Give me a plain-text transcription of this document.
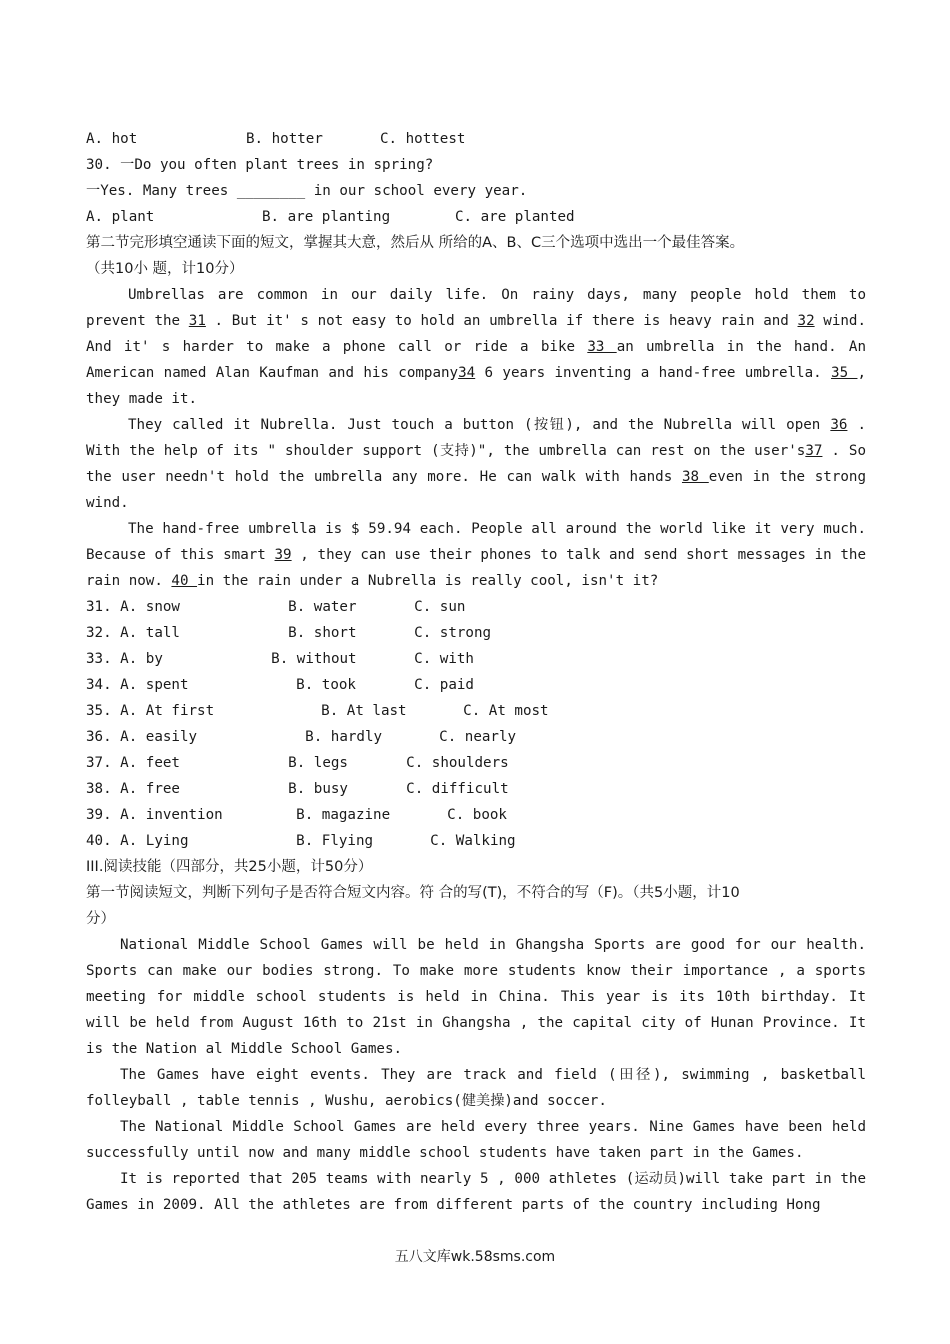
A. hot	B. hotter	C. hottest
30. 一Do you often plant trees in spring?
一Yes. Many trees ________ in our school every year.
A. plant	B. are planting	C. are planted
第二节完形填空通读下面的短文，掌握其大意，然后从 所给的A、B、C三个选项中选出一个最佳答案。
（共10小 题，计10分）
Umbrellas are common in our daily life. On rainy days, many people hold them to prevent the 31 . But it' s not easy to hold an umbrella if there is heavy rain and 32 wind. And it' s harder to make a phone call or ride a bike 33 an umbrella in the hand. An American named Alan Kaufman and his company34 6 years inventing a hand-free umbrella. 35 , they made it.
They called it Nubrella. Just touch a button (按钮), and the Nubrella will open 36 . With the help of its " shoulder support (支持)", the umbrella can rest on the user's37 . So the user needn't hold the umbrella any more. He can walk with hands 38 even in the strong wind.
The hand-free umbrella is $ 59.94 each. People all around the world like it very much. Because of this smart 39 , they can use their phones to talk and send short messages in the rain now. 40 in the rain under a Nubrella is really cool, isn't it?
31. A. snow	B. water	C. sun
32. A. tall	B. short	C. strong
33. A. by	B. without	C. with
34. A. spent	B. took	C. paid
35. A. At first	B. At last	C. At most
36. A. easily	B. hardly	C. nearly
37. A. feet	B. legs	C. shoulders
38. A. free	B. busy	C. difficult
39. A. invention	B. magazine	C. book
40. A. Lying	B. Flying	C. Walking
III.阅读技能（四部分，共25小题，计50分）
第一节阅读短文，判断下列句子是否符合短文内容。符 合的写(T)，不符合的写（F)。（共5小题，计10
分）
National Middle School Games will be held in Ghangsha Sports are good for our health. Sports can make our bodies strong. To make more students know their importance , a sports meeting for middle school students is held in China. This year is its 10th birthday. It will be held from August 16th to 21st in Ghangsha , the capital city of Hunan Province. It is the Nation al Middle School Games.
The Games have eight events. They are track and field (田径), swimming , basketball folleyball , table tennis , Wushu, aerobics(健美操)and soccer.
The National Middle School Games are held every three years. Nine Games have been held successfully until now and many middle school students have taken part in the Games.
It is reported that 205 teams with nearly 5 , 000 athletes (运动员)will take part in the Games in 2009. All the athletes are from different parts of the country including Hong
五八文库wk.58sms.com
